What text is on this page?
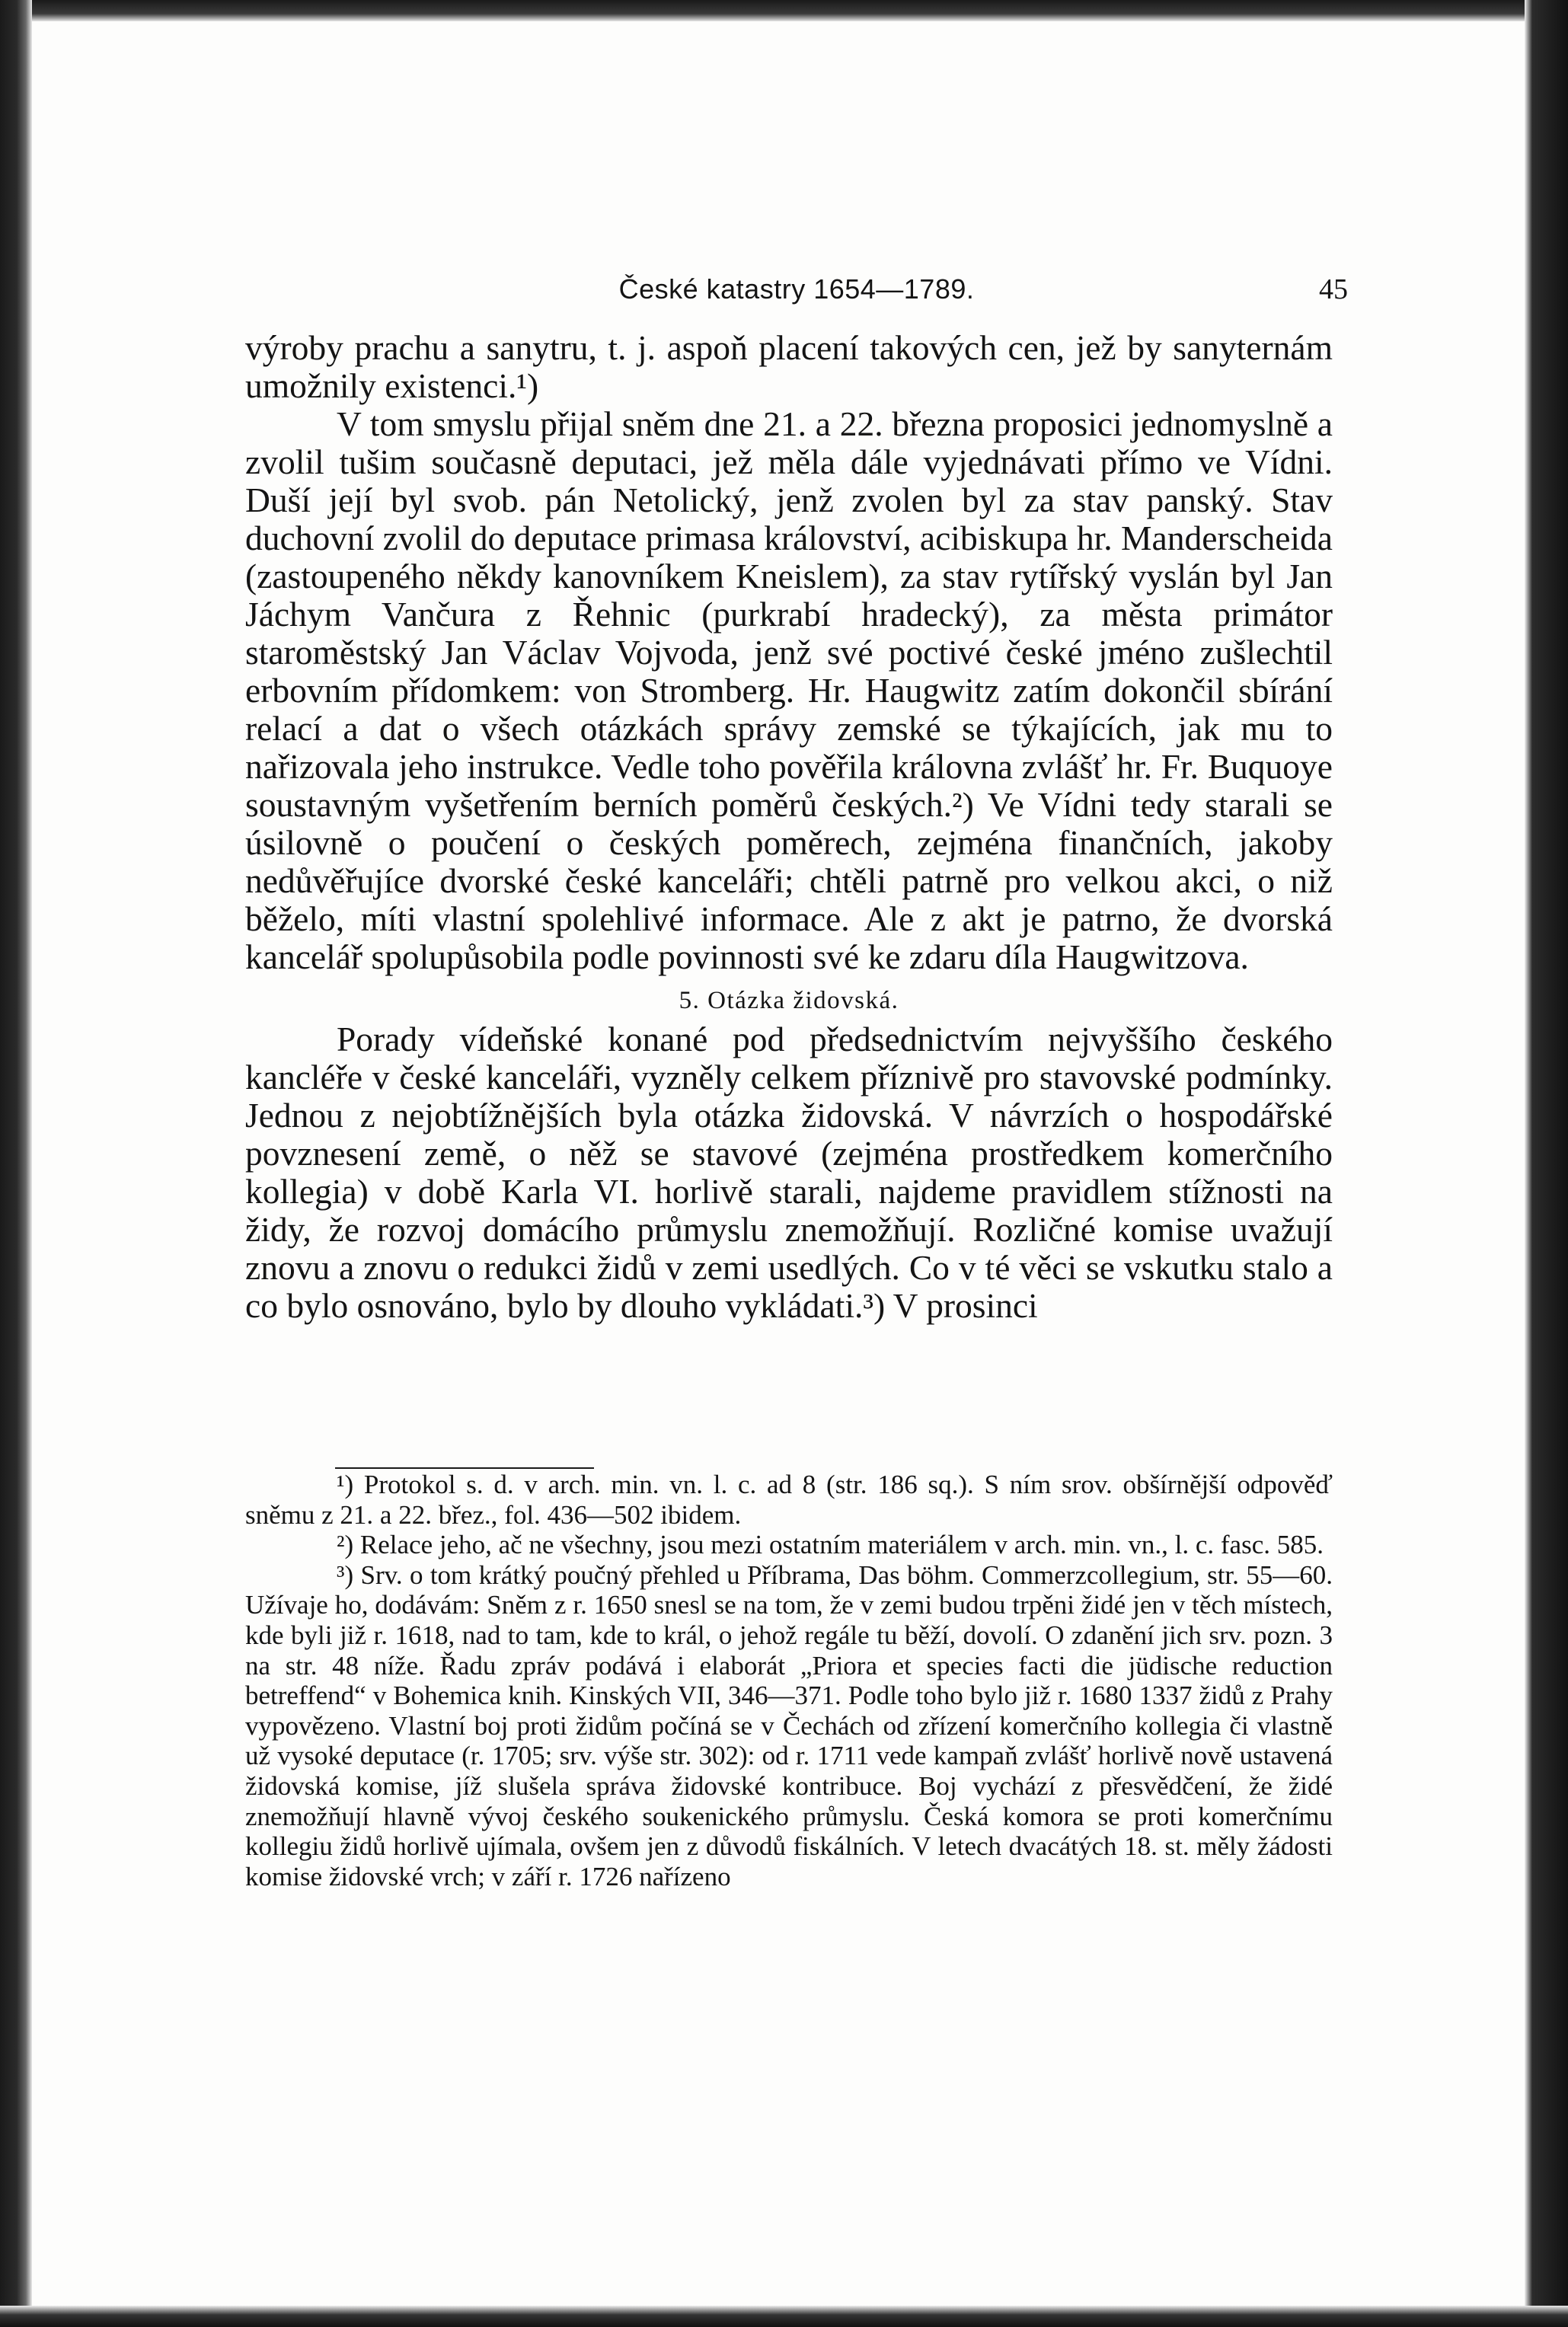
České katastry 1654—1789.	45

výroby prachu a sanytru, t. j. aspoň placení takových cen, jež by sanyternám umožnily existenci.¹)

V tom smyslu přijal sněm dne 21. a 22. března proposici jednomyslně a zvolil tušim současně deputaci, jež měla dále vyjednávati přímo ve Vídni. Duší její byl svob. pán Netolický, jenž zvolen byl za stav panský. Stav duchovní zvolil do deputace primasa království, acibiskupa hr. Manderscheida (zastoupeného někdy kanovníkem Kneislem), za stav rytířský vyslán byl Jan Jáchym Vančura z Řehnic (purkrabí hradecký), za města primátor staroměstský Jan Václav Vojvoda, jenž své poctivé české jméno zušlechtil erbovním přídomkem: von Stromberg. Hr. Haugwitz zatím dokončil sbírání relací a dat o všech otázkách správy zemské se týkajících, jak mu to nařizovala jeho instrukce. Vedle toho pověřila královna zvlášť hr. Fr. Buquoye soustavným vyšetřením berních poměrů českých.²) Ve Vídni tedy starali se úsilovně o poučení o českých poměrech, zejména finančních, jakoby nedůvěřujíce dvorské české kanceláři; chtěli patrně pro velkou akci, o niž běželo, míti vlastní spolehlivé informace. Ale z akt je patrno, že dvorská kancelář spolupůsobila podle povinnosti své ke zdaru díla Haugwitzova.

5. Otázka židovská.

Porady vídeňské konané pod předsednictvím nejvyššího českého kancléře v české kanceláři, vyzněly celkem příznivě pro stavovské podmínky. Jednou z nejobtížnějších byla otázka židovská. V návrzích o hospodářské povznesení země, o něž se stavové (zejména prostředkem komerčního kollegia) v době Karla VI. horlivě starali, najdeme pravidlem stížnosti na židy, že rozvoj domácího průmyslu znemožňují. Rozličné komise uvažují znovu a znovu o redukci židů v zemi usedlých. Co v té věci se vskutku stalo a co bylo osnováno, bylo by dlouho vykládati.³) V prosinci

¹) Protokol s. d. v arch. min. vn. l. c. ad 8 (str. 186 sq.). S ním srov. obšírnější odpověď sněmu z 21. a 22. břez., fol. 436—502 ibidem.

²) Relace jeho, ač ne všechny, jsou mezi ostatním materiálem v arch. min. vn., l. c. fasc. 585.

³) Srv. o tom krátký poučný přehled u Příbrama, Das böhm. Commerzcollegium, str. 55—60. Užívaje ho, dodávám: Sněm z r. 1650 snesl se na tom, že v zemi budou trpěni židé jen v těch místech, kde byli již r. 1618, nad to tam, kde to král, o jehož regále tu běží, dovolí. O zdanění jich srv. pozn. 3 na str. 48 níže. Řadu zpráv podává i elaborát „Priora et species facti die jüdische reduction betreffend“ v Bohemica knih. Kinských VII, 346—371. Podle toho bylo již r. 1680 1337 židů z Prahy vypovězeno. Vlastní boj proti židům počíná se v Čechách od zřízení komerčního kollegia či vlastně už vysoké deputace (r. 1705; srv. výše str. 302): od r. 1711 vede kampaň zvlášť horlivě nově ustavená židovská komise, jíž slušela správa židovské kontribuce. Boj vychází z přesvědčení, že židé znemožňují hlavně vývoj českého soukenického průmyslu. Česká komora se proti komerčnímu kollegiu židů horlivě ujímala, ovšem jen z důvodů fiskálních. V letech dvacátých 18. st. měly žádosti komise židovské vrch; v září r. 1726 nařízeno
